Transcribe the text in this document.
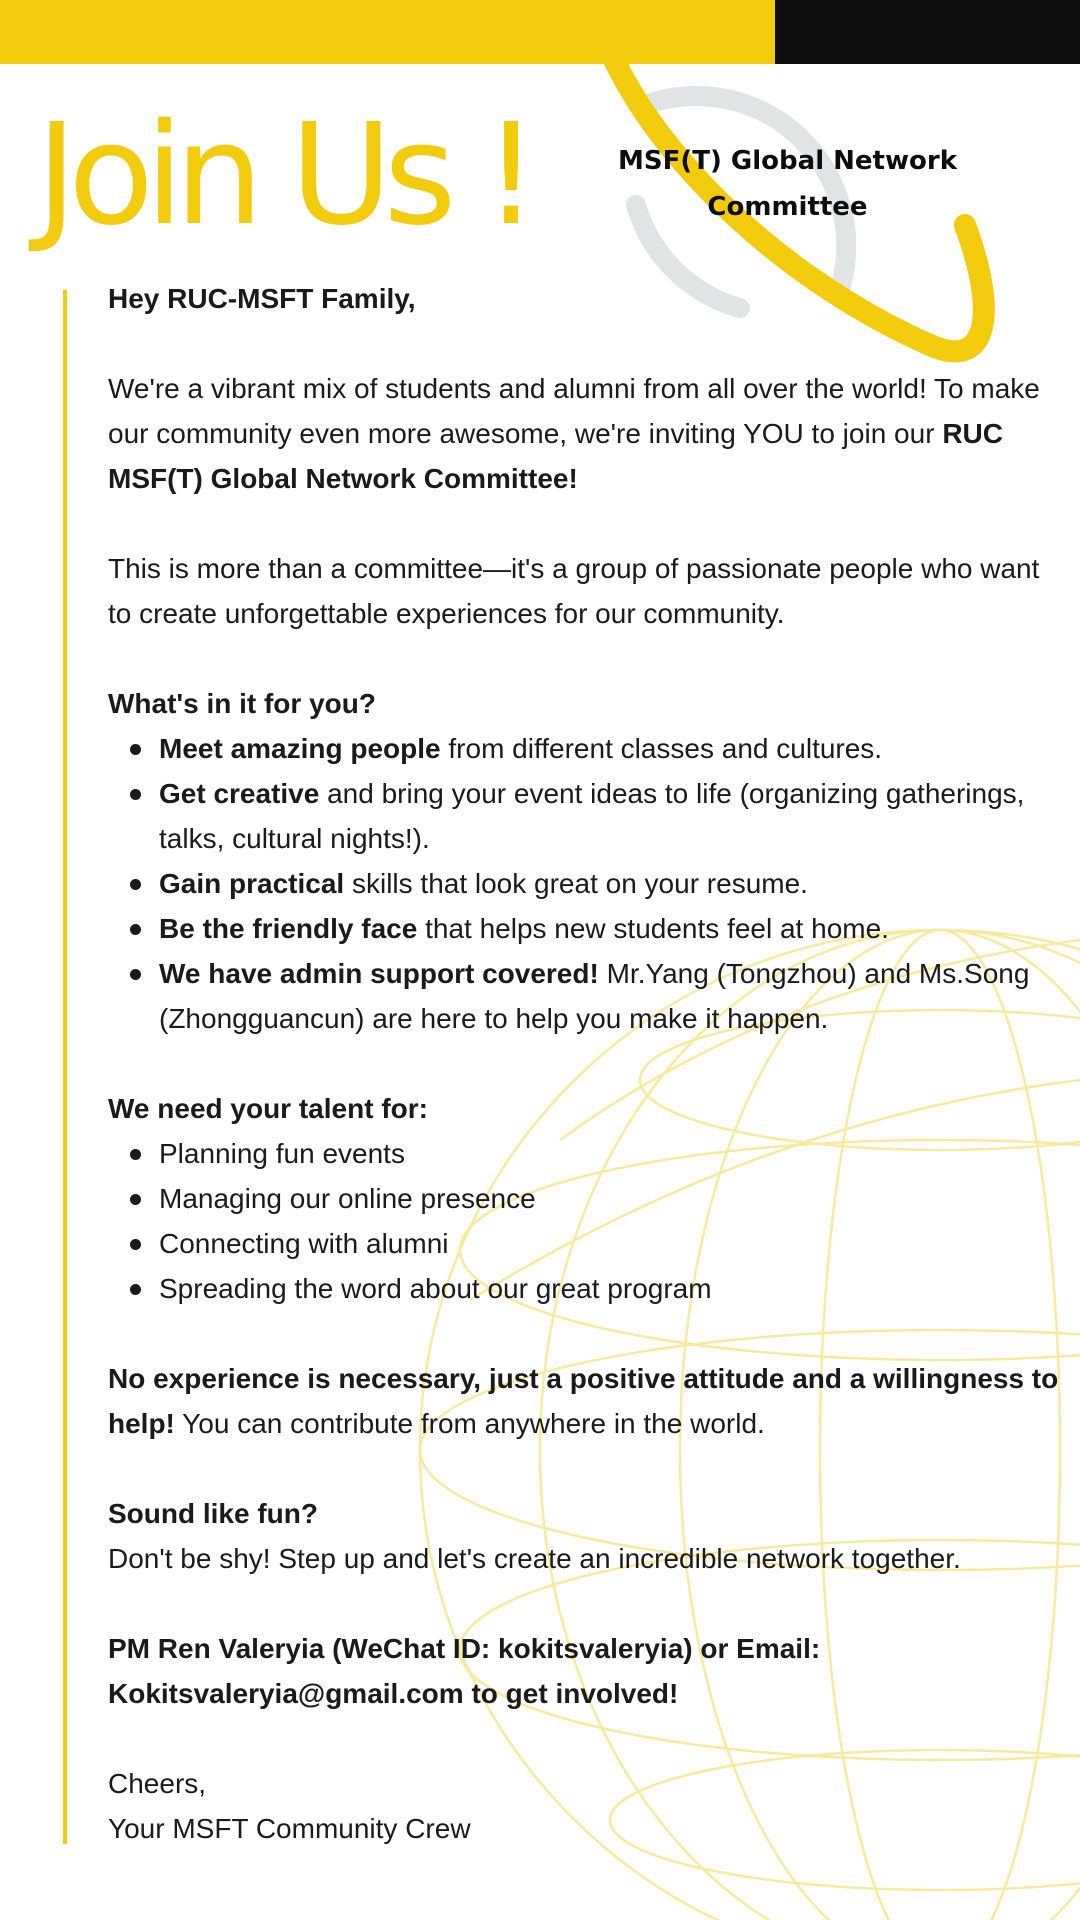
Join Us !	MSF(T) Global Network
Committee

Hey RUC-MSFT Family,

We're a vibrant mix of students and alumni from all over the world! To make our community even more awesome, we're inviting YOU to join our RUC MSF(T) Global Network Committee!

This is more than a committee—it's a group of passionate people who want to create unforgettable experiences for our community.

What's in it for you?

Meet amazing people from different classes and cultures.
Get creative and bring your event ideas to life (organizing gatherings, talks, cultural nights!).
Gain practical skills that look great on your resume.
Be the friendly face that helps new students feel at home.
We have admin support covered! Mr.Yang (Tongzhou) and Ms.Song (Zhongguancun) are here to help you make it happen.

We need your talent for:

Planning fun events
Managing our online presence
Connecting with alumni
Spreading the word about our great program

No experience is necessary, just a positive attitude and a willingness to help! You can contribute from anywhere in the world.

Sound like fun?

Don't be shy! Step up and let's create an incredible network together.

PM Ren Valeryia (WeChat ID: kokitsvaleryia) or Email: Kokitsvaleryia@gmail.com to get involved!

Cheers,

Your MSFT Community Crew
